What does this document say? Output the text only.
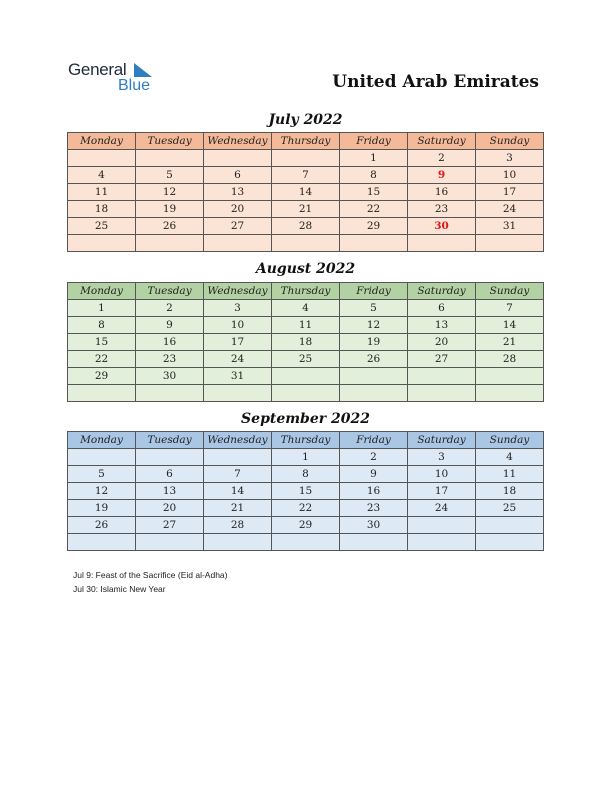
General
Blue	United Arab Emirates
July 2022
Monday	Tuesday	Wednesday	Thursday	Friday	Saturday	Sunday
				1	2	3
4	5	6	7	8	9	10
11	12	13	14	15	16	17
18	19	20	21	22	23	24
25	26	27	28	29	30	31

August 2022
Monday	Tuesday	Wednesday	Thursday	Friday	Saturday	Sunday
1	2	3	4	5	6	7
8	9	10	11	12	13	14
15	16	17	18	19	20	21
22	23	24	25	26	27	28
29	30	31				

September 2022
Monday	Tuesday	Wednesday	Thursday	Friday	Saturday	Sunday
			1	2	3	4
5	6	7	8	9	10	11
12	13	14	15	16	17	18
19	20	21	22	23	24	25
26	27	28	29	30		

Jul 9: Feast of the Sacrifice (Eid al-Adha)
Jul 30: Islamic New Year
